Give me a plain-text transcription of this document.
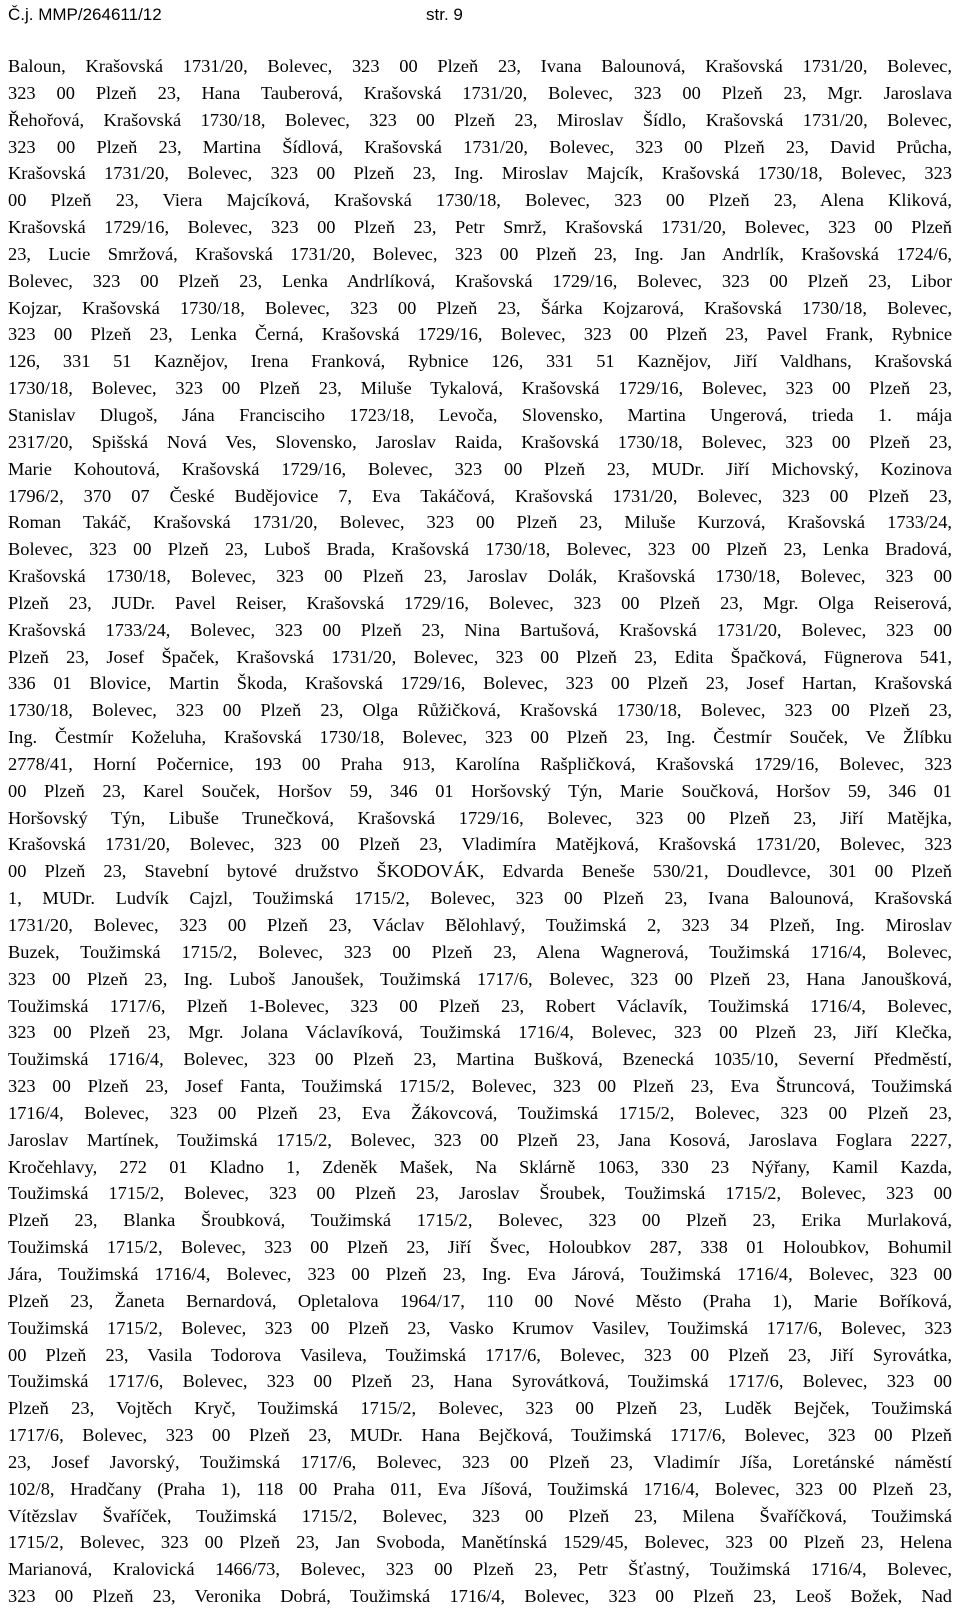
Č.j. MMP/264611/12	str. 9
Baloun, Krašovská 1731/20, Bolevec, 323 00 Plzeň 23, Ivana Balounová, Krašovská 1731/20, Bolevec,
323 00 Plzeň 23, Hana Tauberová, Krašovská 1731/20, Bolevec, 323 00 Plzeň 23, Mgr. Jaroslava
Řehořová, Krašovská 1730/18, Bolevec, 323 00 Plzeň 23, Miroslav Šídlo, Krašovská 1731/20, Bolevec,
323 00 Plzeň 23, Martina Šídlová, Krašovská 1731/20, Bolevec, 323 00 Plzeň 23, David Průcha,
Krašovská 1731/20, Bolevec, 323 00 Plzeň 23, Ing. Miroslav Majcík, Krašovská 1730/18, Bolevec, 323
00 Plzeň 23, Viera Majcíková, Krašovská 1730/18, Bolevec, 323 00 Plzeň 23, Alena Kliková,
Krašovská 1729/16, Bolevec, 323 00 Plzeň 23, Petr Smrž, Krašovská 1731/20, Bolevec, 323 00 Plzeň
23, Lucie Smržová, Krašovská 1731/20, Bolevec, 323 00 Plzeň 23, Ing. Jan Andrlík, Krašovská 1724/6,
Bolevec, 323 00 Plzeň 23, Lenka Andrlíková, Krašovská 1729/16, Bolevec, 323 00 Plzeň 23, Libor
Kojzar, Krašovská 1730/18, Bolevec, 323 00 Plzeň 23, Šárka Kojzarová, Krašovská 1730/18, Bolevec,
323 00 Plzeň 23, Lenka Černá, Krašovská 1729/16, Bolevec, 323 00 Plzeň 23, Pavel Frank, Rybnice
126, 331 51 Kaznějov, Irena Franková, Rybnice 126, 331 51 Kaznějov, Jiří Valdhans, Krašovská
1730/18, Bolevec, 323 00 Plzeň 23, Miluše Tykalová, Krašovská 1729/16, Bolevec, 323 00 Plzeň 23,
Stanislav Dlugoš, Jána Francisciho 1723/18, Levoča, Slovensko, Martina Ungerová, trieda 1. mája
2317/20, Spišská Nová Ves, Slovensko, Jaroslav Raida, Krašovská 1730/18, Bolevec, 323 00 Plzeň 23,
Marie Kohoutová, Krašovská 1729/16, Bolevec, 323 00 Plzeň 23, MUDr. Jiří Michovský, Kozinova
1796/2, 370 07 České Budějovice 7, Eva Takáčová, Krašovská 1731/20, Bolevec, 323 00 Plzeň 23,
Roman Takáč, Krašovská 1731/20, Bolevec, 323 00 Plzeň 23, Miluše Kurzová, Krašovská 1733/24,
Bolevec, 323 00 Plzeň 23, Luboš Brada, Krašovská 1730/18, Bolevec, 323 00 Plzeň 23, Lenka Bradová,
Krašovská 1730/18, Bolevec, 323 00 Plzeň 23, Jaroslav Dolák, Krašovská 1730/18, Bolevec, 323 00
Plzeň 23, JUDr. Pavel Reiser, Krašovská 1729/16, Bolevec, 323 00 Plzeň 23, Mgr. Olga Reiserová,
Krašovská 1733/24, Bolevec, 323 00 Plzeň 23, Nina Bartušová, Krašovská 1731/20, Bolevec, 323 00
Plzeň 23, Josef Špaček, Krašovská 1731/20, Bolevec, 323 00 Plzeň 23, Edita Špačková, Fügnerova 541,
336 01 Blovice, Martin Škoda, Krašovská 1729/16, Bolevec, 323 00 Plzeň 23, Josef Hartan, Krašovská
1730/18, Bolevec, 323 00 Plzeň 23, Olga Růžičková, Krašovská 1730/18, Bolevec, 323 00 Plzeň 23,
Ing. Čestmír Koželuha, Krašovská 1730/18, Bolevec, 323 00 Plzeň 23, Ing. Čestmír Souček, Ve Žlíbku
2778/41, Horní Počernice, 193 00 Praha 913, Karolína Rašpličková, Krašovská 1729/16, Bolevec, 323
00 Plzeň 23, Karel Souček, Horšov 59, 346 01 Horšovský Týn, Marie Součková, Horšov 59, 346 01
Horšovský Týn, Libuše Trunečková, Krašovská 1729/16, Bolevec, 323 00 Plzeň 23, Jiří Matějka,
Krašovská 1731/20, Bolevec, 323 00 Plzeň 23, Vladimíra Matějková, Krašovská 1731/20, Bolevec, 323
00 Plzeň 23, Stavební bytové družstvo ŠKODOVÁK, Edvarda Beneše 530/21, Doudlevce, 301 00 Plzeň
1, MUDr. Ludvík Cajzl, Toužimská 1715/2, Bolevec, 323 00 Plzeň 23, Ivana Balounová, Krašovská
1731/20, Bolevec, 323 00 Plzeň 23, Václav Bělohlavý, Toužimská 2, 323 34 Plzeň, Ing. Miroslav
Buzek, Toužimská 1715/2, Bolevec, 323 00 Plzeň 23, Alena Wagnerová, Toužimská 1716/4, Bolevec,
323 00 Plzeň 23, Ing. Luboš Janoušek, Toužimská 1717/6, Bolevec, 323 00 Plzeň 23, Hana Janoušková,
Toužimská 1717/6, Plzeň 1-Bolevec, 323 00 Plzeň 23, Robert Václavík, Toužimská 1716/4, Bolevec,
323 00 Plzeň 23, Mgr. Jolana Václavíková, Toužimská 1716/4, Bolevec, 323 00 Plzeň 23, Jiří Klečka,
Toužimská 1716/4, Bolevec, 323 00 Plzeň 23, Martina Bušková, Bzenecká 1035/10, Severní Předměstí,
323 00 Plzeň 23, Josef Fanta, Toužimská 1715/2, Bolevec, 323 00 Plzeň 23, Eva Štruncová, Toužimská
1716/4, Bolevec, 323 00 Plzeň 23, Eva Žákovcová, Toužimská 1715/2, Bolevec, 323 00 Plzeň 23,
Jaroslav Martínek, Toužimská 1715/2, Bolevec, 323 00 Plzeň 23, Jana Kosová, Jaroslava Foglara 2227,
Kročehlavy, 272 01 Kladno 1, Zdeněk Mašek, Na Sklárně 1063, 330 23 Nýřany, Kamil Kazda,
Toužimská 1715/2, Bolevec, 323 00 Plzeň 23, Jaroslav Šroubek, Toužimská 1715/2, Bolevec, 323 00
Plzeň 23, Blanka Šroubková, Toužimská 1715/2, Bolevec, 323 00 Plzeň 23, Erika Murlaková,
Toužimská 1715/2, Bolevec, 323 00 Plzeň 23, Jiří Švec, Holoubkov 287, 338 01 Holoubkov, Bohumil
Jára, Toužimská 1716/4, Bolevec, 323 00 Plzeň 23, Ing. Eva Járová, Toužimská 1716/4, Bolevec, 323 00
Plzeň 23, Žaneta Bernardová, Opletalova 1964/17, 110 00 Nové Město (Praha 1), Marie Boříková,
Toužimská 1715/2, Bolevec, 323 00 Plzeň 23, Vasko Krumov Vasilev, Toužimská 1717/6, Bolevec, 323
00 Plzeň 23, Vasila Todorova Vasileva, Toužimská 1717/6, Bolevec, 323 00 Plzeň 23, Jiří Syrovátka,
Toužimská 1717/6, Bolevec, 323 00 Plzeň 23, Hana Syrovátková, Toužimská 1717/6, Bolevec, 323 00
Plzeň 23, Vojtěch Kryč, Toužimská 1715/2, Bolevec, 323 00 Plzeň 23, Luděk Bejček, Toužimská
1717/6, Bolevec, 323 00 Plzeň 23, MUDr. Hana Bejčková, Toužimská 1717/6, Bolevec, 323 00 Plzeň
23, Josef Javorský, Toužimská 1717/6, Bolevec, 323 00 Plzeň 23, Vladimír Jíša, Loretánské náměstí
102/8, Hradčany (Praha 1), 118 00 Praha 011, Eva Jíšová, Toužimská 1716/4, Bolevec, 323 00 Plzeň 23,
Vítězslav Švaříček, Toužimská 1715/2, Bolevec, 323 00 Plzeň 23, Milena Švaříčková, Toužimská
1715/2, Bolevec, 323 00 Plzeň 23, Jan Svoboda, Manětínská 1529/45, Bolevec, 323 00 Plzeň 23, Helena
Marianová, Kralovická 1466/73, Bolevec, 323 00 Plzeň 23, Petr Šťastný, Toužimská 1716/4, Bolevec,
323 00 Plzeň 23, Veronika Dobrá, Toužimská 1716/4, Bolevec, 323 00 Plzeň 23, Leoš Božek, Nad
